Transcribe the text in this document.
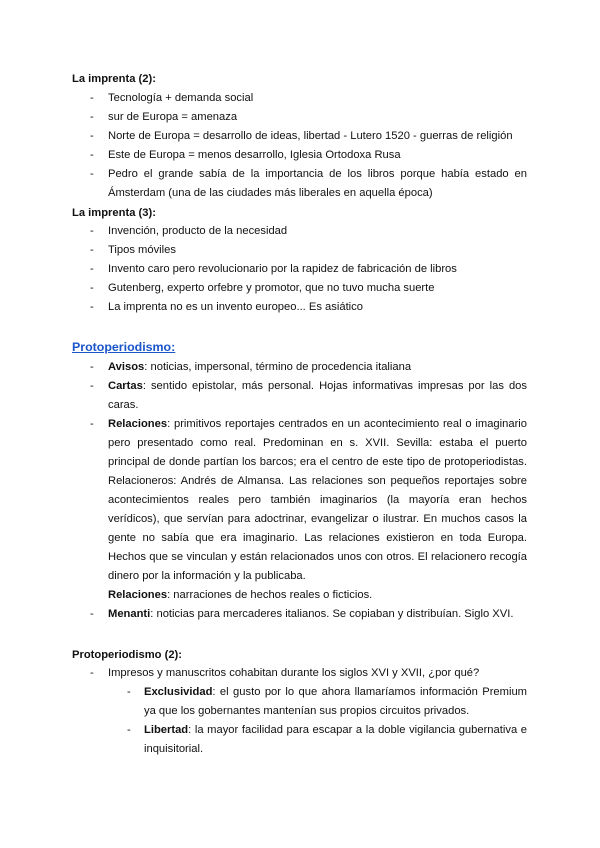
La imprenta (2):
- Tecnología + demanda social
- sur de Europa = amenaza
- Norte de Europa = desarrollo de ideas, libertad - Lutero 1520 - guerras de religión
- Este de Europa = menos desarrollo, Iglesia Ortodoxa Rusa
- Pedro el grande sabía de la importancia de los libros porque había estado en Ámsterdam (una de las ciudades más liberales en aquella época)
La imprenta (3):
- Invención, producto de la necesidad
- Tipos móviles
- Invento caro pero revolucionario por la rapidez de fabricación de libros
- Gutenberg, experto orfebre y promotor, que no tuvo mucha suerte
- La imprenta no es un invento europeo... Es asiático
Protoperiodismo:
- Avisos: noticias, impersonal, término de procedencia italiana
- Cartas: sentido epistolar, más personal. Hojas informativas impresas por las dos caras.
- Relaciones: primitivos reportajes centrados en un acontecimiento real o imaginario pero presentado como real. Predominan en s. XVII. Sevilla: estaba el puerto principal de donde partían los barcos; era el centro de este tipo de protoperiodistas. Relacioneros: Andrés de Almansa. Las relaciones son pequeños reportajes sobre acontecimientos reales pero también imaginarios (la mayoría eran hechos verídicos), que servían para adoctrinar, evangelizar o ilustrar. En muchos casos la gente no sabía que era imaginario. Las relaciones existieron en toda Europa. Hechos que se vinculan y están relacionados unos con otros. El relacionero recogía dinero por la información y la publicaba.
Relaciones: narraciones de hechos reales o ficticios.
- Menanti: noticias para mercaderes italianos. Se copiaban y distribuían. Siglo XVI.
Protoperiodismo (2):
- Impresos y manuscritos cohabitan durante los siglos XVI y XVII, ¿por qué?
- Exclusividad: el gusto por lo que ahora llamaríamos información Premium ya que los gobernantes mantenían sus propios circuitos privados.
- Libertad: la mayor facilidad para escapar a la doble vigilancia gubernativa e inquisitorial.
